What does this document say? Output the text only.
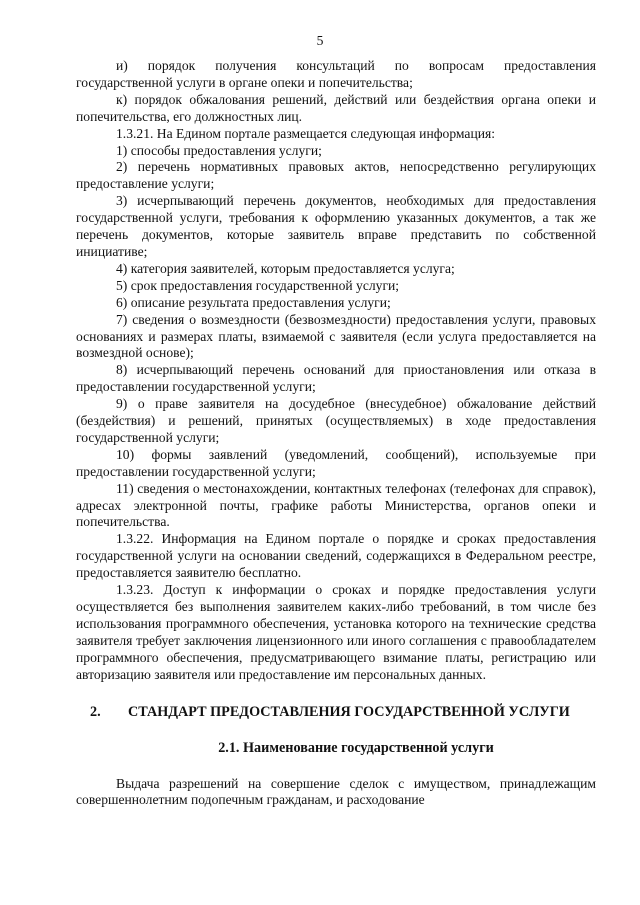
5

и) порядок получения консультаций по вопросам предоставления государственной услуги в органе опеки и попечительства;

к) порядок обжалования решений, действий или бездействия органа опеки и попечительства, его должностных лиц.

1.3.21. На Едином портале размещается следующая информация:

1) способы предоставления услуги;

2) перечень нормативных правовых актов, непосредственно регулирующих предоставление услуги;

3) исчерпывающий перечень документов, необходимых для предоставления государственной услуги, требования к оформлению указанных документов, а так же перечень документов, которые заявитель вправе представить по собственной инициативе;

4) категория заявителей, которым предоставляется услуга;

5) срок предоставления государственной услуги;

6) описание результата предоставления услуги;

7) сведения о возмездности (безвозмездности) предоставления услуги, правовых основаниях и размерах платы, взимаемой с заявителя (если услуга предоставляется на возмездной основе);

8) исчерпывающий перечень оснований для приостановления или отказа в предоставлении государственной услуги;

9) о праве заявителя на досудебное (внесудебное) обжалование действий (бездействия) и решений, принятых (осуществляемых) в ходе предоставления государственной услуги;

10) формы заявлений (уведомлений, сообщений), используемые при предоставлении государственной услуги;

11) сведения о местонахождении, контактных телефонах (телефонах для справок), адресах электронной почты, графике работы Министерства, органов опеки и попечительства.

1.3.22. Информация на Едином портале о порядке и сроках предоставления государственной услуги на основании сведений, содержащихся в Федеральном реестре, предоставляется заявителю бесплатно.

1.3.23. Доступ к информации о сроках и порядке предоставления услуги осуществляется без выполнения заявителем каких-либо требований, в том числе без использования программного обеспечения, установка которого на технические средства заявителя требует заключения лицензионного или иного соглашения с правообладателем программного обеспечения, предусматривающего взимание платы, регистрацию или авторизацию заявителя или предоставление им персональных данных.

2. СТАНДАРТ ПРЕДОСТАВЛЕНИЯ ГОСУДАРСТВЕННОЙ УСЛУГИ

2.1. Наименование государственной услуги

Выдача разрешений на совершение сделок с имуществом, принадлежащим совершеннолетним подопечным гражданам, и расходование
